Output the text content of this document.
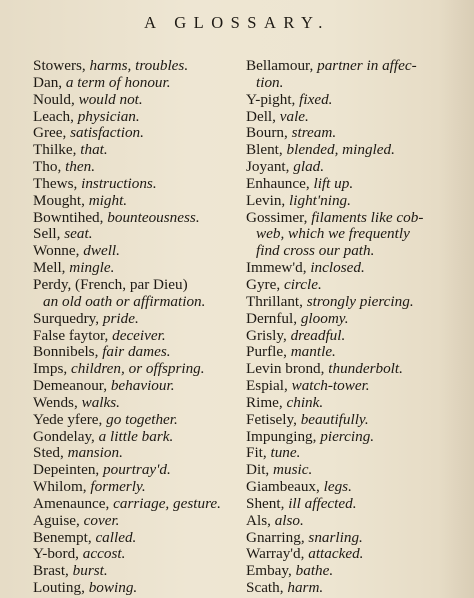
A GLOSSARY.
Stowers, harms, troubles.
Dan, a term of honour.
Nould, would not.
Leach, physician.
Gree, satisfaction.
Thilke, that.
Tho, then.
Thews, instructions.
Mought, might.
Bowntihed, bounteousness.
Sell, seat.
Wonne, dwell.
Mell, mingle.
Perdy, (French, par Dieu)
an old oath or affirmation.
Surquedry, pride.
False faytor, deceiver.
Bonnibels, fair dames.
Imps, children, or offspring.
Demeanour, behaviour.
Wends, walks.
Yede yfere, go together.
Gondelay, a little bark.
Sted, mansion.
Depeinten, pourtray'd.
Whilom, formerly.
Amenaunce, carriage, gesture.
Aguise, cover.
Benempt, called.
Y-bord, accost.
Brast, burst.
Louting, bowing.
Bellamour, partner in affec-
tion.
Y-pight, fixed.
Dell, vale.
Bourn, stream.
Blent, blended, mingled.
Joyant, glad.
Enhaunce, lift up.
Levin, light'ning.
Gossimer, filaments like cob-
web, which we frequently
find cross our path.
Immew'd, inclosed.
Gyre, circle.
Thrillant, strongly piercing.
Dernful, gloomy.
Grisly, dreadful.
Purfle, mantle.
Levin brond, thunderbolt.
Espial, watch-tower.
Rime, chink.
Fetisely, beautifully.
Impunging, piercing.
Fit, tune.
Dit, music.
Giambeaux, legs.
Shent, ill affected.
Als, also.
Gnarring, snarling.
Warray'd, attacked.
Embay, bathe.
Scath, harm.
